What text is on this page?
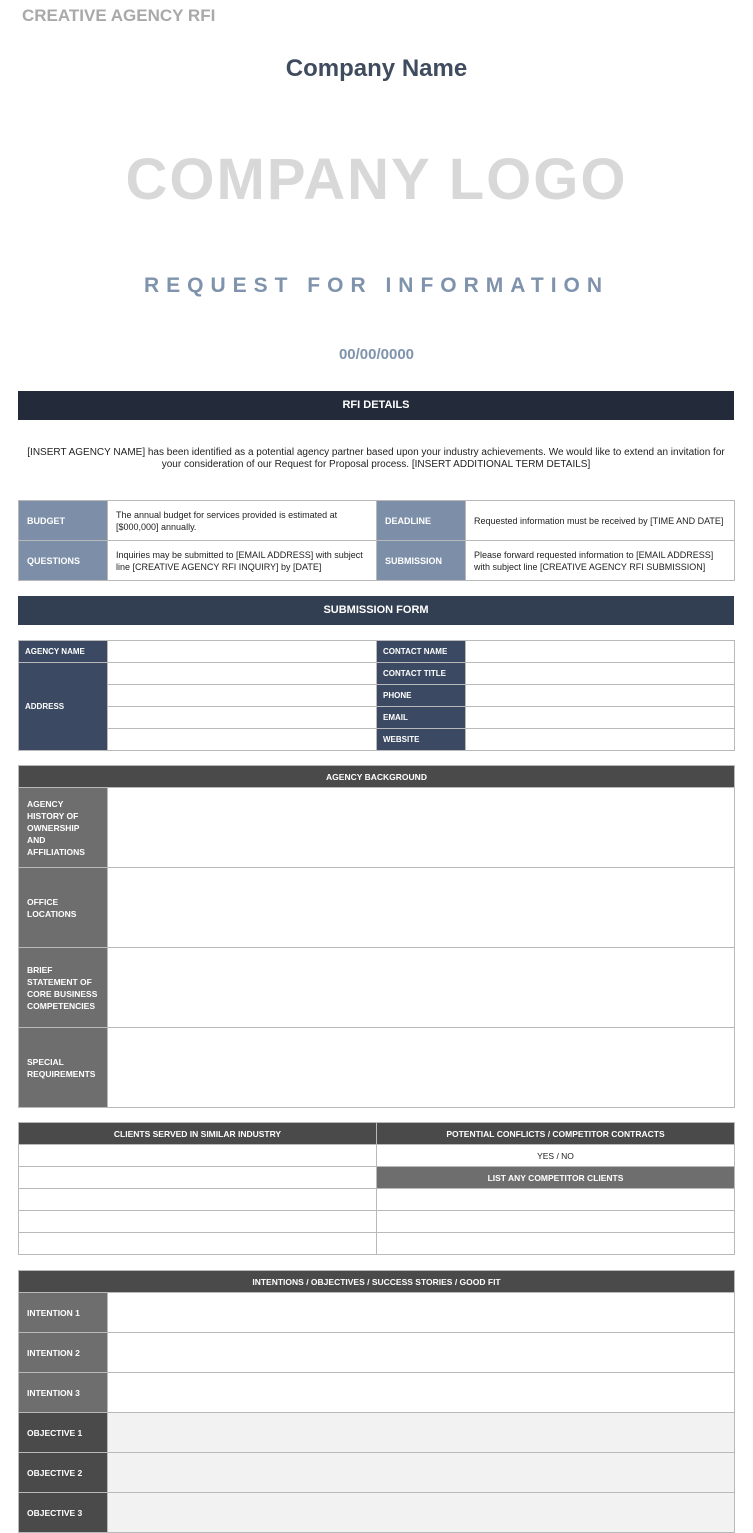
CREATIVE AGENCY RFI
Company Name
COMPANY LOGO
REQUEST FOR INFORMATION
00/00/0000
RFI DETAILS
[INSERT AGENCY NAME] has been identified as a potential agency partner based upon your industry achievements. We would like to extend an invitation for your consideration of our Request for Proposal process. [INSERT ADDITIONAL TERM DETAILS]
BUDGET	The annual budget for services provided is estimated at [$000,000] annually.	DEADLINE	Requested information must be received by [TIME AND DATE]
QUESTIONS	Inquiries may be submitted to [EMAIL ADDRESS] with subject line [CREATIVE AGENCY RFI INQUIRY] by [DATE]	SUBMISSION	Please forward requested information to [EMAIL ADDRESS] with subject line [CREATIVE AGENCY RFI SUBMISSION]
SUBMISSION FORM
AGENCY NAME		CONTACT NAME	
ADDRESS		CONTACT TITLE	
		PHONE	
		EMAIL	
		WEBSITE	
AGENCY BACKGROUND	
AGENCY HISTORY OF OWNERSHIP AND AFFILIATIONS	
OFFICE LOCATIONS	
BRIEF STATEMENT OF CORE BUSINESS COMPETENCIES	
SPECIAL REQUIREMENTS	
CLIENTS SERVED IN SIMILAR INDUSTRY	POTENTIAL CONFLICTS / COMPETITOR CONTRACTS
	YES / NO
	LIST ANY COMPETITOR CLIENTS

INTENTIONS / OBJECTIVES / SUCCESS STORIES / GOOD FIT	
INTENTION 1	
INTENTION 2	
INTENTION 3	
OBJECTIVE 1	
OBJECTIVE 2	
OBJECTIVE 3	
